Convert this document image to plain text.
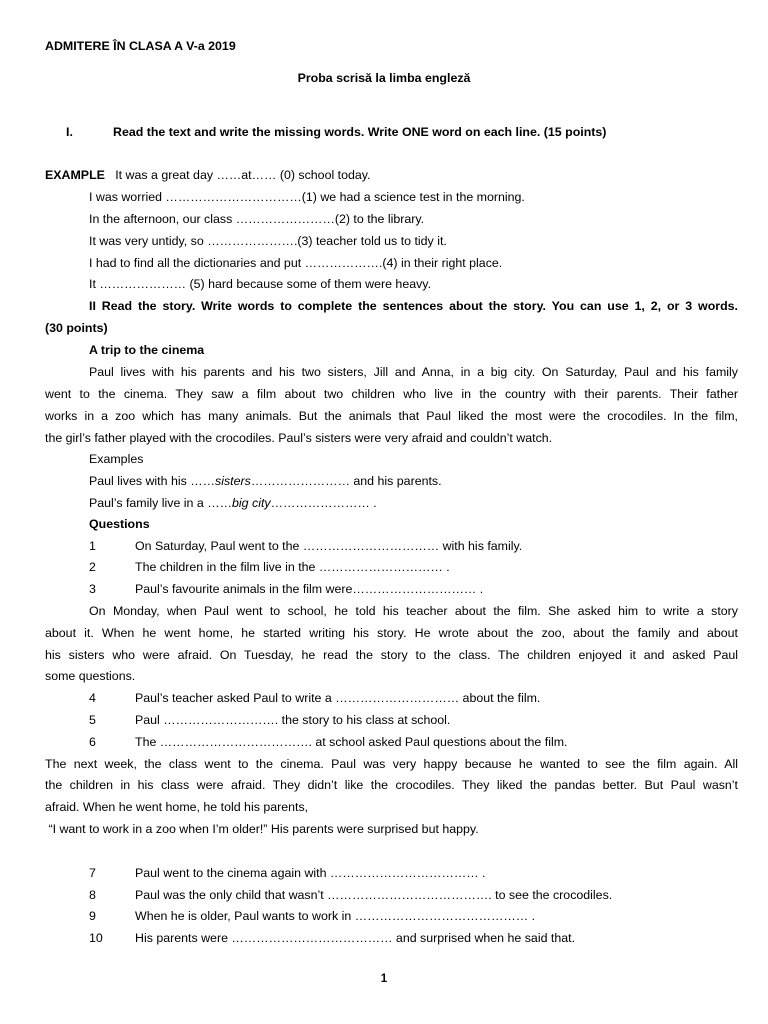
ADMITERE ÎN CLASA A V-a 2019
Proba scrisă la limba engleză
I.	Read the text and write the missing words. Write ONE word on each line. (15 points)
EXAMPLE It was a great day ……at…… (0) school today.
I was worried ……………………………(1) we had a science test in the morning.
In the afternoon, our class ……………………(2) to the library.
It was very untidy, so ………………….(3) teacher told us to tidy it.
I had to find all the dictionaries and put ……………….(4) in their right place.
It ………………… (5) hard because some of them were heavy.
II Read the story. Write words to complete the sentences about the story. You can use 1, 2, or 3 words.
(30 points)
A trip to the cinema
Paul lives with his parents and his two sisters, Jill and Anna, in a big city. On Saturday, Paul and his family
went to the cinema. They saw a film about two children who live in the country with their parents. Their father
works in a zoo which has many animals. But the animals that Paul liked the most were the crocodiles. In the film,
the girl’s father played with the crocodiles. Paul’s sisters were very afraid and couldn’t watch.
Examples
Paul lives with his ……sisters…………………… and his parents.
Paul’s family live in a ……big city…………………… .
Questions
1	On Saturday, Paul went to the …………………………… with his family.
2	The children in the film live in the ………………………… .
3	Paul’s favourite animals in the film were………………………… .
On Monday, when Paul went to school, he told his teacher about the film. She asked him to write a story
about it. When he went home, he started writing his story. He wrote about the zoo, about the family and about
his sisters who were afraid. On Tuesday, he read the story to the class. The children enjoyed it and asked Paul
some questions.
4	Paul’s teacher asked Paul to write a ………………………… about the film.
5	Paul ………………………. the story to his class at school.
6	The ………………………………. at school asked Paul questions about the film.
The next week, the class went to the cinema. Paul was very happy because he wanted to see the film again. All
the children in his class were afraid. They didn’t like the crocodiles. They liked the pandas better. But Paul wasn’t
afraid. When he went home, he told his parents,
“I want to work in a zoo when I’m older!” His parents were surprised but happy.
7	Paul went to the cinema again with ……………………………… .
8	Paul was the only child that wasn’t …………………………………. to see the crocodiles.
9	When he is older, Paul wants to work in …………………………………… .
10	His parents were ………………………………… and surprised when he said that.
1
